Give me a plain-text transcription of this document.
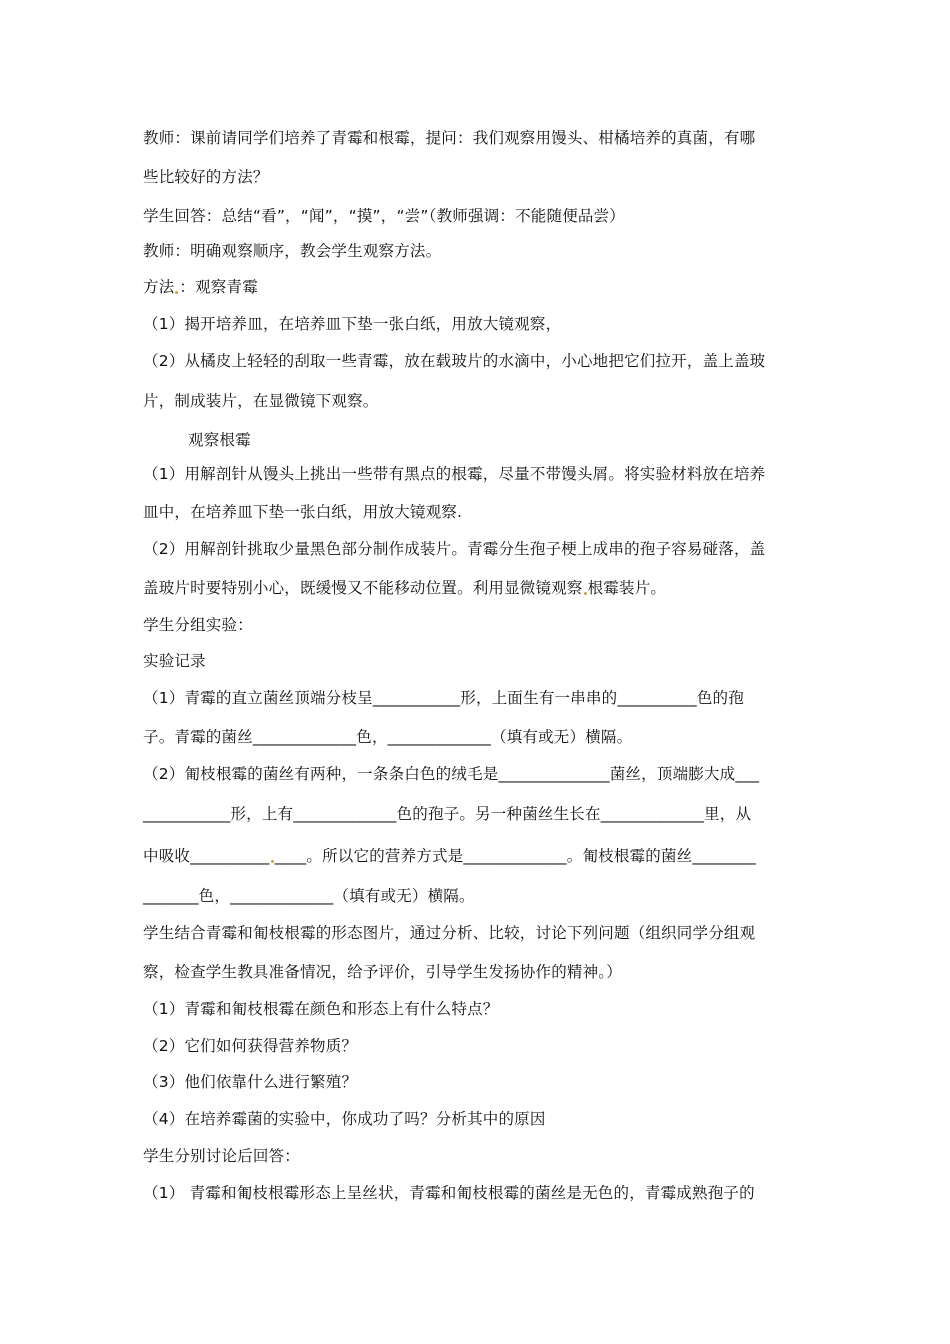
教师：课前请同学们培养了青霉和根霉，提问：我们观察用馒头、柑橘培养的真菌，有哪
些比较好的方法？
学生回答：总结“看”，“闻”，“摸”，“尝”（教师强调：不能随便品尝）
教师：明确观察顺序，教会学生观察方法。
方法 ：观察青霉
（1）揭开培养皿，在培养皿下垫一张白纸，用放大镜观察，
（2）从橘皮上轻轻的刮取一些青霉，放在载玻片的水滴中，小心地把它们拉开，盖上盖玻
片，制成装片，在显微镜下观察。
观察根霉
（1）用解剖针从馒头上挑出一些带有黑点的根霉，尽量不带馒头屑。将实验材料放在培养
皿中，在培养皿下垫一张白纸，用放大镜观察.
（2）用解剖针挑取少量黑色部分制作成装片。青霉分生孢子梗上成串的孢子容易碰落，盖
盖玻片时要特别小心，既缓慢又不能移动位置。利用显微镜观察 根霉装片。
学生分组实验：
实验记录
（1）青霉的直立菌丝顶端分枝呈___________形，上面生有一串串的__________色的孢
子。青霉的菌丝_____________色，_____________（填有或无）横隔。
（2）匍枝根霉的菌丝有两种，一条条白色的绒毛是______________菌丝，顶端膨大成___
___________形，上有_____________色的孢子。另一种菌丝生长在_____________里，从
中吸收__________ ____。所以它的营养方式是_____________。匍枝根霉的菌丝________
_______色，_____________（填有或无）横隔。
学生结合青霉和匍枝根霉的形态图片，通过分析、比较，讨论下列问题（组织同学分组观
察，检查学生教具准备情况，给予评价，引导学生发扬协作的精神。）
（1）青霉和匍枝根霉在颜色和形态上有什么特点？
（2）它们如何获得营养物质？
（3）他们依靠什么进行繁殖？
（4）在培养霉菌的实验中，你成功了吗？分析其中的原因
学生分别讨论后回答：
（1） 青霉和匍枝根霉形态上呈丝状，青霉和匍枝根霉的菌丝是无色的，青霉成熟孢子的
